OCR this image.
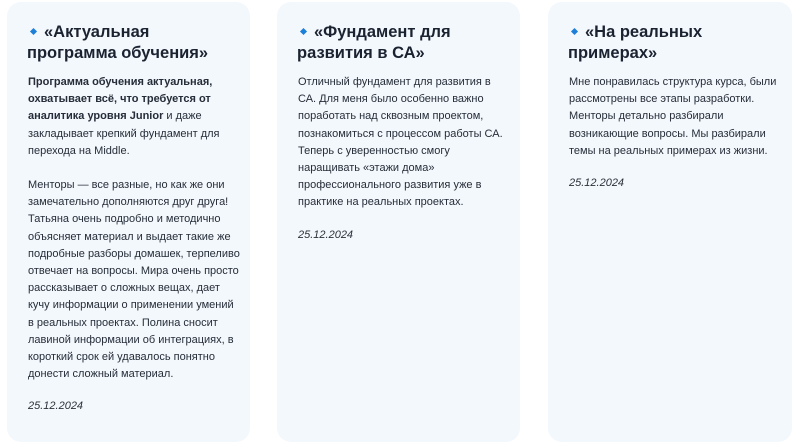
«Актуальная программа обучения»

Программа обучения актуальная, охватывает всё, что требуется от аналитика уровня Junior и даже закладывает крепкий фундамент для перехода на Middle.

Менторы — все разные, но как же они замечательно дополняются друг друга! Татьяна очень подробно и методично объясняет материал и выдает такие же подробные разборы домашек, терпеливо отвечает на вопросы. Мира очень просто рассказывает о сложных вещах, дает кучу информации о применении умений в реальных проектах. Полина сносит лавиной информации об интеграциях, в короткий срок ей удавалось понятно донести сложный материал.

25.12.2024
«Фундамент для развития в СА»

Отличный фундамент для развития в СА. Для меня было особенно важно поработать над сквозным проектом, познакомиться с процессом работы СА. Теперь с уверенностью смогу наращивать «этажи дома» профессионального развития уже в практике на реальных проектах.

25.12.2024
«На реальных примерах»

Мне понравилась структура курса, были рассмотрены все этапы разработки. Менторы детально разбирали возникающие вопросы. Мы разбирали темы на реальных примерах из жизни.

25.12.2024
